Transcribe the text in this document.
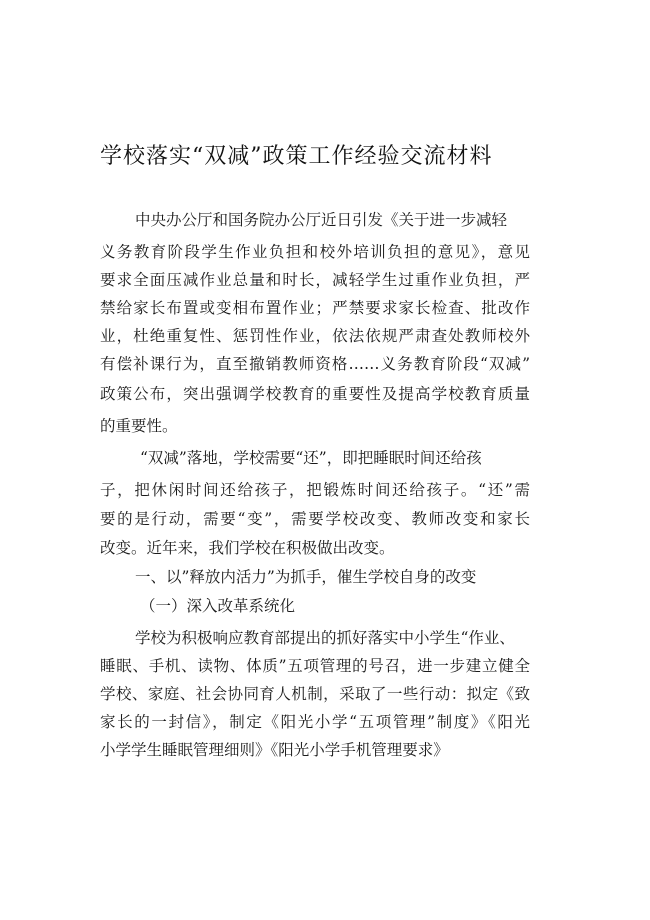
学校落实“双减”政策工作经验交流材料
中央办公厅和国务院办公厅近日引发《关于进一步减轻
义务教育阶段学生作业负担和校外培训负担的意见》，意见
要求全面压减作业总量和时长，减轻学生过重作业负担，严
禁给家长布置或变相布置作业；严禁要求家长检查、批改作
业，杜绝重复性、惩罚性作业，依法依规严肃查处教师校外
有偿补课行为，直至撤销教师资格……义务教育阶段“双减”
政策公布，突出强调学校教育的重要性及提高学校教育质量
的重要性。
“双减”落地，学校需要“还”，即把睡眠时间还给孩
子，把休闲时间还给孩子，把锻炼时间还给孩子。“还”需
要的是行动，需要“变”，需要学校改变、教师改变和家长
改变。近年来，我们学校在积极做出改变。
一、以”释放内活力”为抓手，催生学校自身的改变
（一）深入改革系统化
学校为积极响应教育部提出的抓好落实中小学生“作业、
睡眠、手机、读物、体质”五项管理的号召，进一步建立健全
学校、家庭、社会协同育人机制，采取了一些行动：拟定《致
家长的一封信》，制定《阳光小学“五项管理”制度》《阳光
小学学生睡眠管理细则》《阳光小学手机管理要求》
